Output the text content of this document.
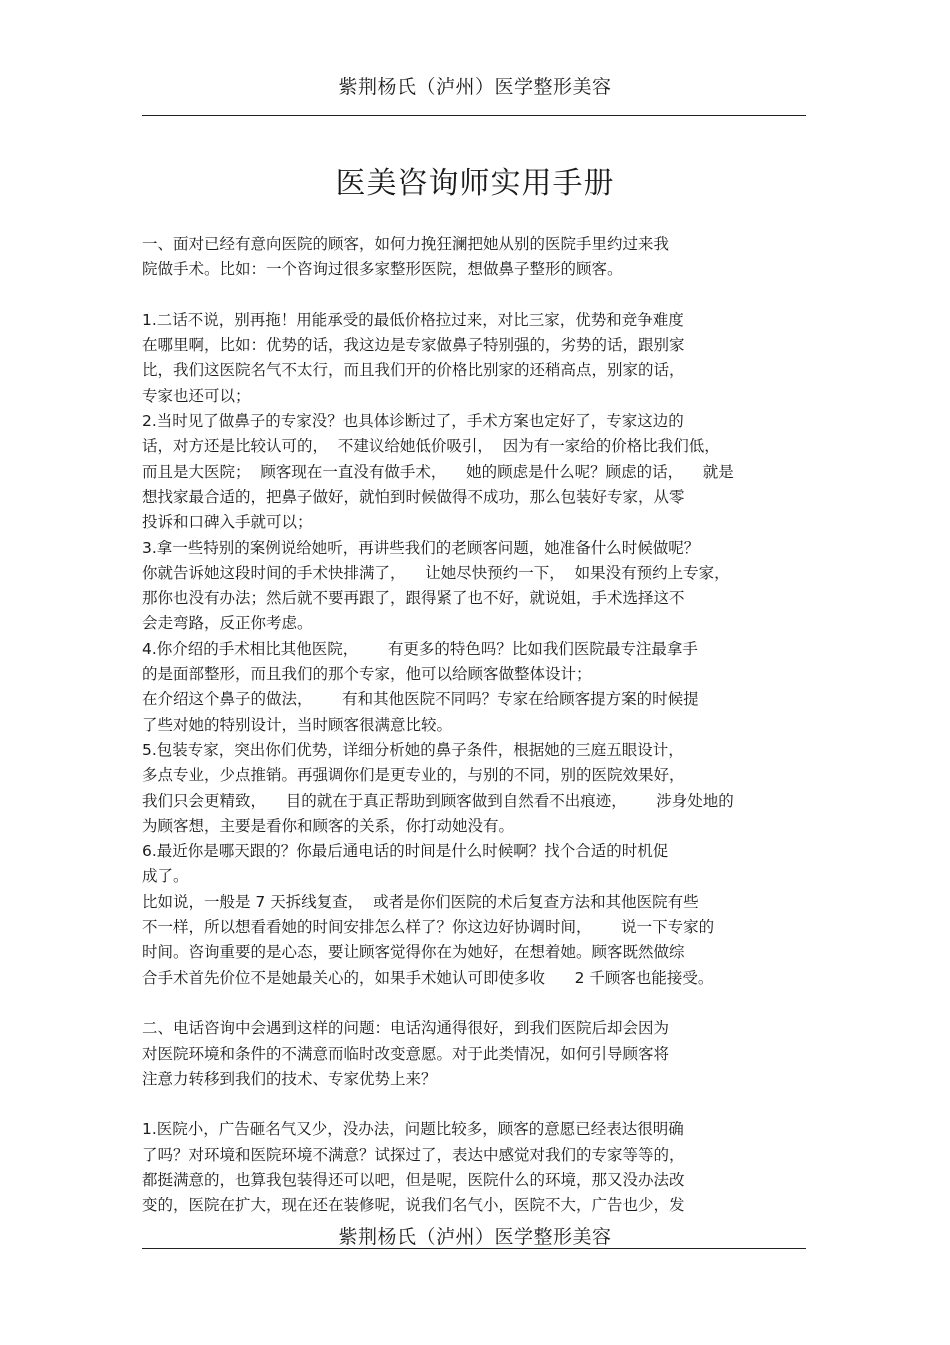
紫荆杨氏（泸州）医学整形美容
医美咨询师实用手册
一、面对已经有意向医院的顾客，如何力挽狂澜把她从别的医院手里约过来我
院做手术。比如：一个咨询过很多家整形医院，想做鼻子整形的顾客。
1.二话不说，别再拖！用能承受的最低价格拉过来，对比三家，优势和竞争难度
在哪里啊，比如：优势的话，我这边是专家做鼻子特别强的，劣势的话，跟别家
比，我们这医院名气不太行，而且我们开的价格比别家的还稍高点，别家的话，
专家也还可以；
2.当时见了做鼻子的专家没？也具体诊断过了，手术方案也定好了，专家这边的
话，对方还是比较认可的，  不建议给她低价吸引，  因为有一家给的价格比我们低，
而且是大医院；  顾客现在一直没有做手术，    她的顾虑是什么呢？顾虑的话，    就是
想找家最合适的，把鼻子做好，就怕到时候做得不成功，那么包装好专家，从零
投诉和口碑入手就可以；
3.拿一些特别的案例说给她听，再讲些我们的老顾客问题，她准备什么时候做呢？
你就告诉她这段时间的手术快排满了，    让她尽快预约一下，  如果没有预约上专家，
那你也没有办法；然后就不要再跟了，跟得紧了也不好，就说姐，手术选择这不
会走弯路，反正你考虑。
4.你介绍的手术相比其他医院，      有更多的特色吗？比如我们医院最专注最拿手
的是面部整形，而且我们的那个专家，他可以给顾客做整体设计；
在介绍这个鼻子的做法，      有和其他医院不同吗？专家在给顾客提方案的时候提
了些对她的特别设计，当时顾客很满意比较。
5.包装专家，突出你们优势，详细分析她的鼻子条件，根据她的三庭五眼设计，
多点专业，少点推销。再强调你们是更专业的，与别的不同，别的医院效果好，
我们只会更精致，    目的就在于真正帮助到顾客做到自然看不出痕迹，      涉身处地的
为顾客想，主要是看你和顾客的关系，你打动她没有。
6.最近你是哪天跟的？你最后通电话的时间是什么时候啊？找个合适的时机促
成了。
比如说，一般是 7 天拆线复查，  或者是你们医院的术后复查方法和其他医院有些
不一样，所以想看看她的时间安排怎么样了？你这边好协调时间，      说一下专家的
时间。咨询重要的是心态，要让顾客觉得你在为她好，在想着她。顾客既然做综
合手术首先价位不是她最关心的，如果手术她认可即使多收      2 千顾客也能接受。
二、电话咨询中会遇到这样的问题：电话沟通得很好，到我们医院后却会因为
对医院环境和条件的不满意而临时改变意愿。对于此类情况，如何引导顾客将
注意力转移到我们的技术、专家优势上来？
1.医院小，广告砸名气又少，没办法，问题比较多，顾客的意愿已经表达很明确
了吗？对环境和医院环境不满意？试探过了，表达中感觉对我们的专家等等的，
都挺满意的，也算我包装得还可以吧，但是呢，医院什么的环境，那又没办法改
变的，医院在扩大，现在还在装修呢，说我们名气小，医院不大，广告也少，发
紫荆杨氏（泸州）医学整形美容
